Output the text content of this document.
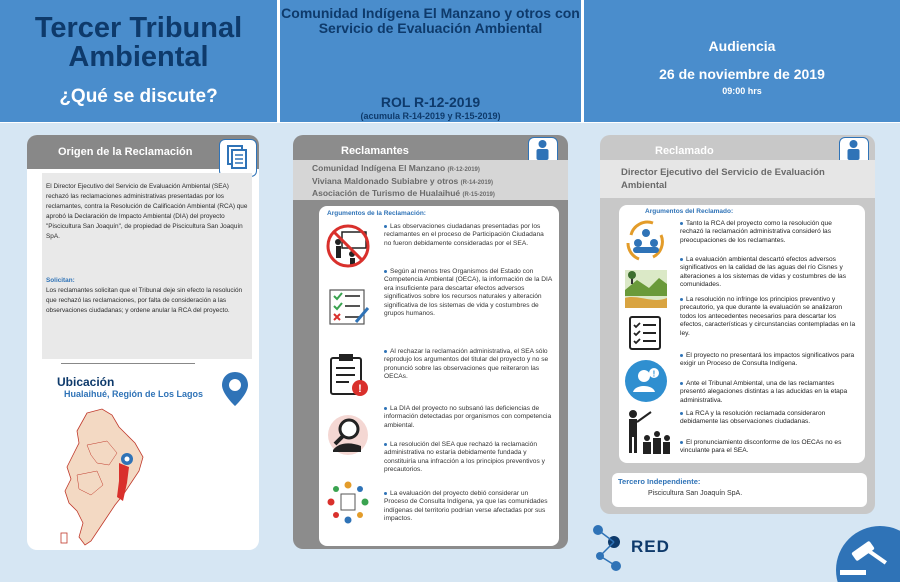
Tercer Tribunal Ambiental
¿Qué se discute?
Comunidad Indígena El Manzano y otros con Servicio de Evaluación Ambiental
ROL R-12-2019
(acumula R-14-2019 y R-15-2019)
Audiencia
26 de noviembre de 2019
09:00 hrs
Origen de la Reclamación
El Director Ejecutivo del Servicio de Evaluación Ambiental (SEA) rechazó las reclamaciones administrativas presentadas por los reclamantes, contra la Resolución de Calificación Ambiental (RCA) que aprobó la Declaración de Impacto Ambiental (DIA) del proyecto "Piscicultura San Joaquín", de propiedad de Piscicultura San Joaquín SpA.
Solicitan:
Los reclamantes solicitan que el Tribunal deje sin efecto la resolución que rechazó las reclamaciones, por falta de consideración a las observaciones ciudadanas; y ordene anular la RCA del proyecto.
Ubicación
Hualaihué, Región de Los Lagos
Reclamantes
Comunidad Indígena El Manzano (R-12-2019)
Viviana Maldonado Subiabre y otros (R-14-2019)
Asociación de Turismo de Hualaihué (R-15-2019)
Argumentos de la Reclamación:
!
Las observaciones ciudadanas presentadas por los reclamantes en el proceso de Participación Ciudadana no fueron debidamente consideradas por el SEA.
Según al menos tres Organismos del Estado con Competencia Ambiental (OECA), la información de la DIA era insuficiente para descartar efectos adversos significativos sobre los recursos naturales y alteración significativa de los sistemas de vida y costumbres de grupos humanos.
Al rechazar la reclamación administrativa, el SEA sólo reprodujo los argumentos del titular del proyecto y no se pronunció sobre las observaciones que reiteraron las OECAs.
La DIA del proyecto no subsanó las deficiencias de información detectadas por organismos con competencia ambiental.
La resolución del SEA que rechazó la reclamación administrativa no estaría debidamente fundada y constituiría una infracción a los principios preventivos y precautorios.
La evaluación del proyecto debió considerar un Proceso de Consulta Indígena, ya que las comunidades indígenas del territorio podrían verse afectadas por sus impactos.
Reclamado
Director Ejecutivo del Servicio de Evaluación Ambiental
Argumentos del Reclamado:
!
Tanto la RCA del proyecto como la resolución que rechazó la reclamación administrativa consideró las preocupaciones de los reclamantes.
La evaluación ambiental descartó efectos adversos significativos en la calidad de las aguas del río Cisnes y alteraciones a los sistemas de vidas y costumbres de las comunidades.
La resolución no infringe los principios preventivo y precautorio, ya que durante la evaluación se analizaron todos los antecedentes necesarios para descartar los efectos, características y circunstancias contempladas en la ley.
El proyecto no presentará los impactos significativos para exigir un Proceso de Consulta Indígena.
Ante el Tribunal Ambiental, una de las reclamantes presentó alegaciones distintas a las aducidas en la etapa administrativa.
La RCA y la resolución reclamada consideraron debidamente las observaciones ciudadanas.
El pronunciamiento disconforme de los OECAs no es vinculante para el SEA.
Tercero Independiente:
Piscicultura San Joaquín SpA.
RED
